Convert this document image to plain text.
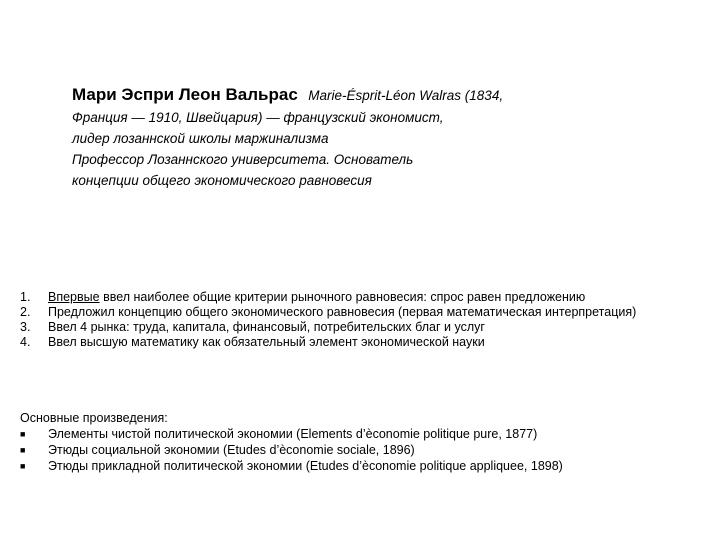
Мари Эспри Леон Вальрас Marie-Ésprit-Léon Walras (1834,
Франция — 1910, Швейцария) — французский экономист,
лидер лозаннской школы маржинализма
Профессор Лозаннского университета. Основатель
концепции общего экономического равновесия
1. Впервые ввел наиболее общие критерии рыночного равновесия: спрос равен предложению
2. Предложил концепцию общего экономического равновесия (первая математическая интерпретация)
3. Ввел 4 рынка: труда, капитала, финансовый, потребительских благ и услуг
4. Ввел высшую математику как обязательный элемент экономической науки
Основные произведения:
■ Элементы чистой политической экономии (Elements d’èconomie politique pure, 1877)
■ Этюды социальной экономии (Etudes d’èconomie sociale, 1896)
■ Этюды прикладной политической экономии (Etudes d’èconomie politique appliquee, 1898)
